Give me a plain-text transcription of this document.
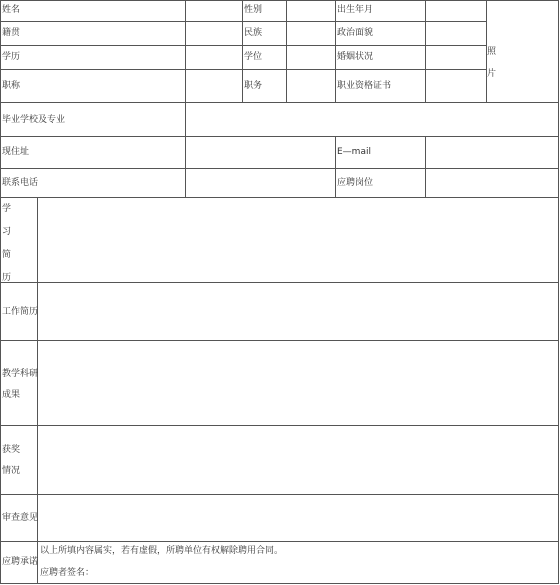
姓名	性别	出生年月
籍贯	民族	政治面貌
学历	学位	婚姻状况
职称	职务	职业资格证书
照
片
毕业学校及专业
现住址	E—mail
联系电话	应聘岗位
学
习
简
历
工作简历
教学科研
成果
获奖
情况
审查意见
应聘承诺
以上所填内容属实，若有虚假，所聘单位有权解除聘用合同。
应聘者签名：
